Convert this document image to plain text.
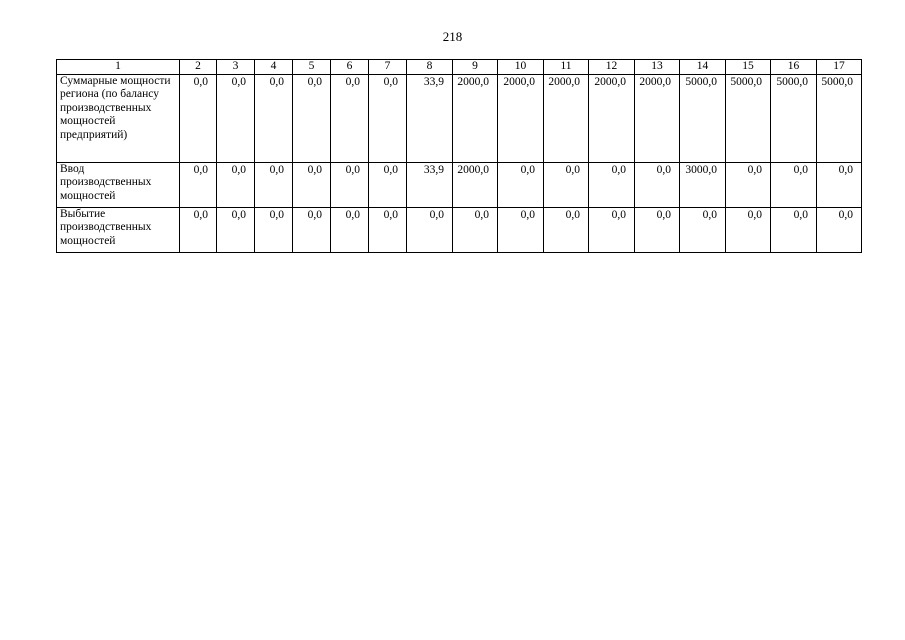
218
1	2	3	4	5	6	7	8	9	10	11	12	13	14	15	16	17
Суммарные мощности региона (по балансу производственных мощностей предприятий)	0,0	0,0	0,0	0,0	0,0	0,0	33,9	2000,0	2000,0	2000,0	2000,0	2000,0	5000,0	5000,0	5000,0	5000,0
Ввод производственных мощностей	0,0	0,0	0,0	0,0	0,0	0,0	33,9	2000,0	0,0	0,0	0,0	0,0	3000,0	0,0	0,0	0,0
Выбытие производственных мощностей	0,0	0,0	0,0	0,0	0,0	0,0	0,0	0,0	0,0	0,0	0,0	0,0	0,0	0,0	0,0	0,0
